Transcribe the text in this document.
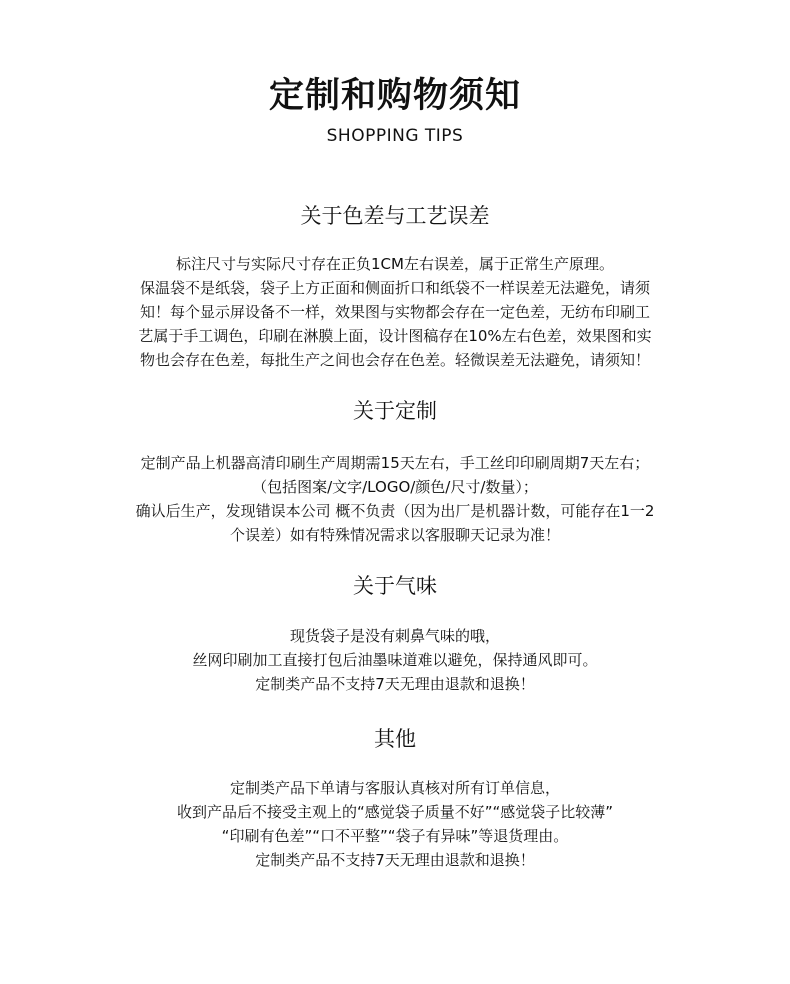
定制和购物须知
SHOPPING TIPS
关于色差与工艺误差
标注尺寸与实际尺寸存在正负1CM左右误差，属于正常生产原理。
保温袋不是纸袋，袋子上方正面和侧面折口和纸袋不一样误差无法避免，请须
知！每个显示屏设备不一样，效果图与实物都会存在一定色差，无纺布印刷工
艺属于手工调色，印刷在淋膜上面，设计图稿存在10%左右色差，效果图和实
物也会存在色差，每批生产之间也会存在色差。轻微误差无法避免，请须知！
关于定制
定制产品上机器高清印刷生产周期需15天左右，手工丝印印刷周期7天左右；
（包括图案/文字/LOGO/颜色/尺寸/数量）；
确认后生产，发现错误本公司 概不负责（因为出厂是机器计数，可能存在1一2
个误差）如有特殊情况需求以客服聊天记录为准！
关于气味
现货袋子是没有刺鼻气味的哦，
丝网印刷加工直接打包后油墨味道难以避免，保持通风即可。
定制类产品不支持7天无理由退款和退换！
其他
定制类产品下单请与客服认真核对所有订单信息，
收到产品后不接受主观上的“感觉袋子质量不好”“感觉袋子比较薄”
“印刷有色差”“口不平整”“袋子有异味”等退货理由。
定制类产品不支持7天无理由退款和退换！
